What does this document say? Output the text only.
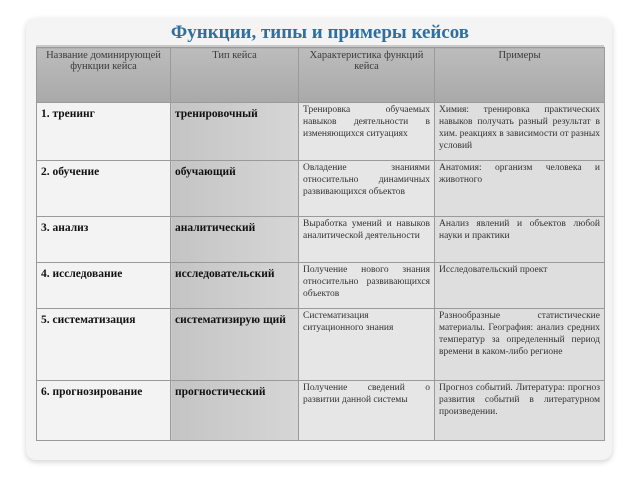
Функции, типы и примеры кейсов
Название доминирующей функции кейса	Тип кейса	Характеристика функций кейса	Примеры
1. тренинг	тренировочный	Тренировка обучаемых навыков деятельности в изменяющихся ситуациях	Химия: тренировка практических навыков получать разный результат в хим. реакциях в зависимости от разных условий
2. обучение	обучающий	Овладение знаниями относительно динамичных развивающихся объектов	Анатомия: организм человека и животного
3. анализ	аналитический	Выработка умений и навыков аналитической деятельности	Анализ явлений и объектов любой науки и практики
4. исследование	исследовательский	Получение нового знания относительно развивающихся объектов	Исследовательский проект
5. систематизация	систематизирую щий	Систематизация ситуационного знания	Разнообразные статистические материалы. География: анализ средних температур за определенный период времени в каком-либо регионе
6. прогнозирование	прогностический	Получение сведений о развитии данной системы	Прогноз событий. Литература: прогноз развития событий в литературном произведении.
